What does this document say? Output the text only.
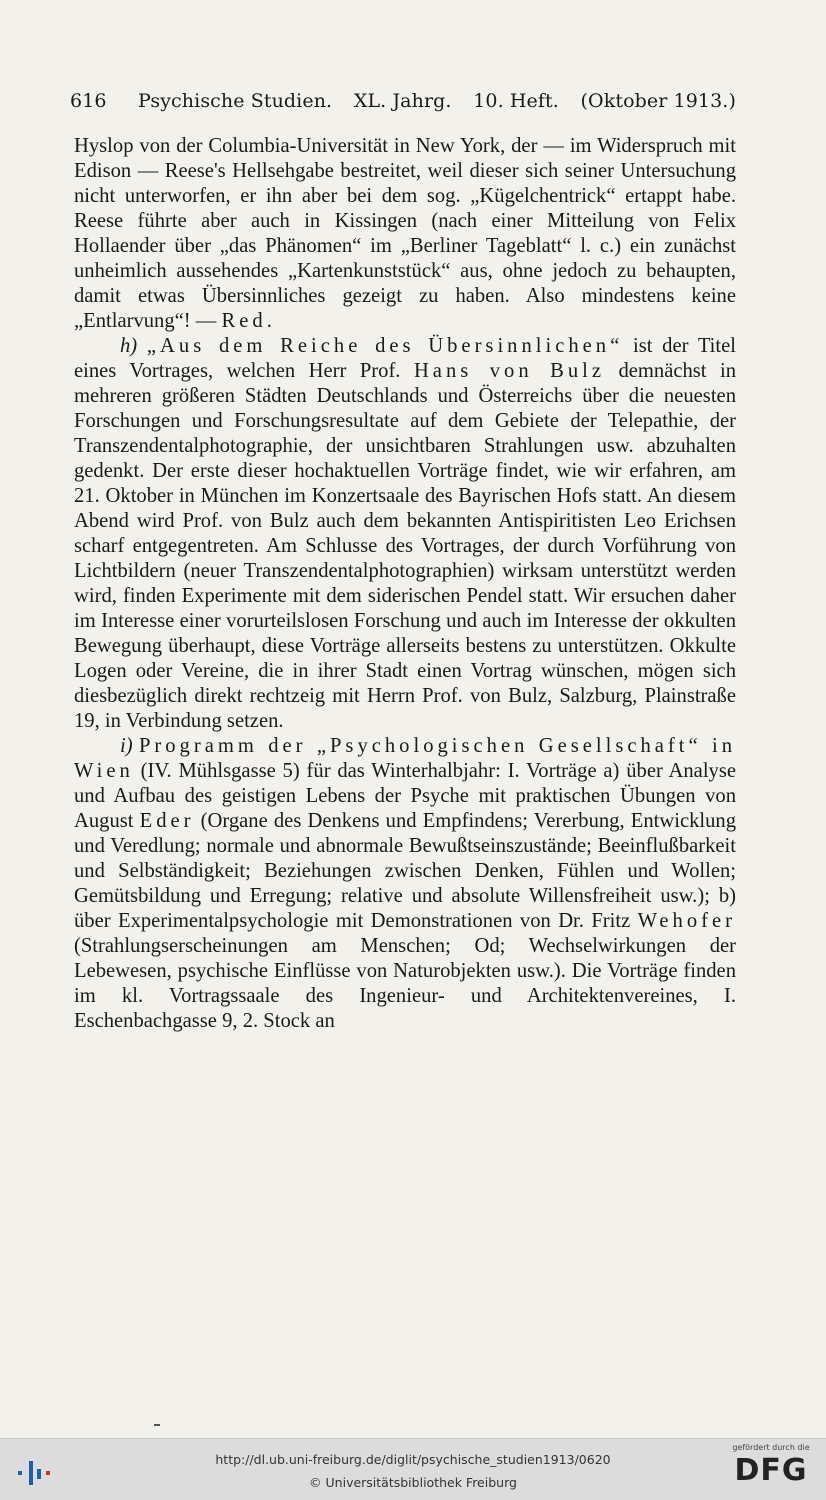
616	Psychische Studien. XL. Jahrg. 10. Heft. (Oktober 1913.)

Hyslop von der Columbia-Universität in New York, der — im Widerspruch mit Edison — Reese's Hellsehgabe bestreitet, weil dieser sich seiner Untersuchung nicht unterworfen, er ihn aber bei dem sog. „Kügelchentrick“ ertappt habe. Reese führte aber auch in Kissingen (nach einer Mitteilung von Felix Hollaender über „das Phänomen“ im „Berliner Tageblatt“ l. c.) ein zunächst unheimlich aussehendes „Kartenkunststück“ aus, ohne jedoch zu behaupten, damit etwas Übersinnliches gezeigt zu haben. Also mindestens keine „Entlarvung“! — Red.

h) „Aus dem Reiche des Übersinnlichen“ ist der Titel eines Vortrages, welchen Herr Prof. Hans von Bulz demnächst in mehreren größeren Städten Deutschlands und Österreichs über die neuesten Forschungen und Forschungsresultate auf dem Gebiete der Telepathie, der Transzendentalphotographie, der unsichtbaren Strahlungen usw. abzuhalten gedenkt. Der erste dieser hochaktuellen Vorträge findet, wie wir erfahren, am 21. Oktober in München im Konzertsaale des Bayrischen Hofs statt. An diesem Abend wird Prof. von Bulz auch dem bekannten Antispiritisten Leo Erichsen scharf entgegentreten. Am Schlusse des Vortrages, der durch Vorführung von Lichtbildern (neuer Transzendentalphotographien) wirksam unterstützt werden wird, finden Experimente mit dem siderischen Pendel statt. Wir ersuchen daher im Interesse einer vorurteilslosen Forschung und auch im Interesse der okkulten Bewegung überhaupt, diese Vorträge allerseits bestens zu unterstützen. Okkulte Logen oder Vereine, die in ihrer Stadt einen Vortrag wünschen, mögen sich diesbezüglich direkt rechtzeig mit Herrn Prof. von Bulz, Salzburg, Plainstraße 19, in Verbindung setzen.

i) Programm der „Psychologischen Gesellschaft“ in Wien (IV. Mühlsgasse 5) für das Winterhalbjahr: I. Vorträge a) über Analyse und Aufbau des geistigen Lebens der Psyche mit praktischen Übungen von August Eder (Organe des Denkens und Empfindens; Vererbung, Entwicklung und Veredlung; normale und abnormale Bewußtseinszustände; Beeinflußbarkeit und Selbständigkeit; Beziehungen zwischen Denken, Fühlen und Wollen; Gemütsbildung und Erregung; relative und absolute Willensfreiheit usw.); b) über Experimentalpsychologie mit Demonstrationen von Dr. Fritz Wehofer (Strahlungserscheinungen am Menschen; Od; Wechselwirkungen der Lebewesen, psychische Einflüsse von Naturobjekten usw.). Die Vorträge finden im kl. Vortragssaale des Ingenieur- und Architektenvereines, I. Eschenbachgasse 9, 2. Stock an

http://dl.ub.uni-freiburg.de/diglit/psychische_studien1913/0620
© Universitätsbibliothek Freiburg
gefördert durch die
DFG
